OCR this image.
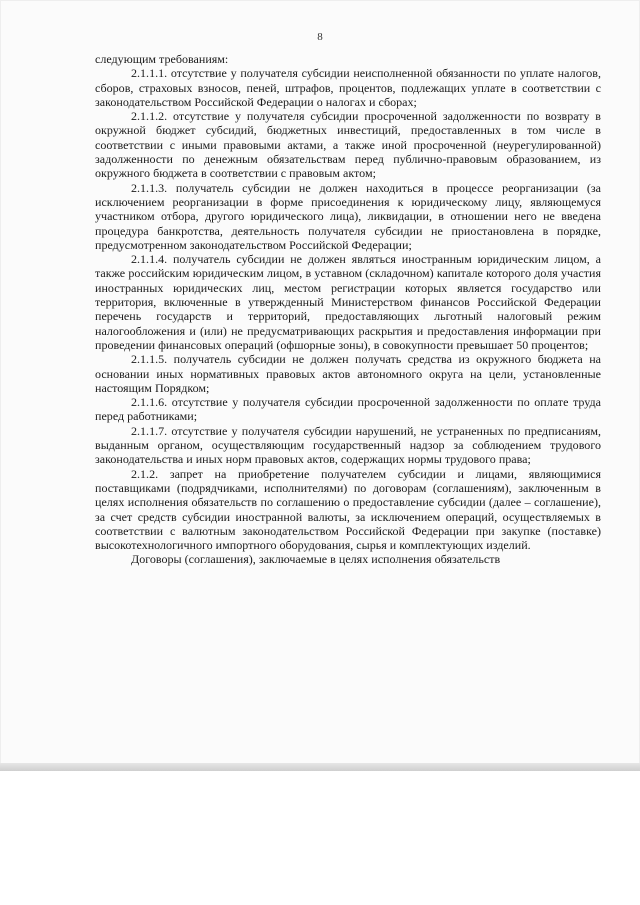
8

следующим требованиям:

2.1.1.1. отсутствие у получателя субсидии неисполненной обязанности по уплате налогов, сборов, страховых взносов, пеней, штрафов, процентов, подлежащих уплате в соответствии с законодательством Российской Федерации о налогах и сборах;

2.1.1.2. отсутствие у получателя субсидии просроченной задолженности по возврату в окружной бюджет субсидий, бюджетных инвестиций, предоставленных в том числе в соответствии с иными правовыми актами, а также иной просроченной (неурегулированной) задолженности по денежным обязательствам перед публично-правовым образованием, из окружного бюджета в соответствии с правовым актом;

2.1.1.3. получатель субсидии не должен находиться в процессе реорганизации (за исключением реорганизации в форме присоединения к юридическому лицу, являющемуся участником отбора, другого юридического лица), ликвидации, в отношении него не введена процедура банкротства, деятельность получателя субсидии не приостановлена в порядке, предусмотренном законодательством Российской Федерации;

2.1.1.4. получатель субсидии не должен являться иностранным юридическим лицом, а также российским юридическим лицом, в уставном (складочном) капитале которого доля участия иностранных юридических лиц, местом регистрации которых является государство или территория, включенные в утвержденный Министерством финансов Российской Федерации перечень государств и территорий, предоставляющих льготный налоговый режим налогообложения и (или) не предусматривающих раскрытия и предоставления информации при проведении финансовых операций (офшорные зоны), в совокупности превышает 50 процентов;

2.1.1.5. получатель субсидии не должен получать средства из окружного бюджета на основании иных нормативных правовых актов автономного округа на цели, установленные настоящим Порядком;

2.1.1.6. отсутствие у получателя субсидии просроченной задолженности по оплате труда перед работниками;

2.1.1.7. отсутствие у получателя субсидии нарушений, не устраненных по предписаниям, выданным органом, осуществляющим государственный надзор за соблюдением трудового законодательства и иных норм правовых актов, содержащих нормы трудового права;

2.1.2. запрет на приобретение получателем субсидии и лицами, являющимися поставщиками (подрядчиками, исполнителями) по договорам (соглашениям), заключенным в целях исполнения обязательств по соглашению о предоставление субсидии (далее – соглашение), за счет средств субсидии иностранной валюты, за исключением операций, осуществляемых в соответствии с валютным законодательством Российской Федерации при закупке (поставке) высокотехнологичного импортного оборудования, сырья и комплектующих изделий.

Договоры (соглашения), заключаемые в целях исполнения обязательств
